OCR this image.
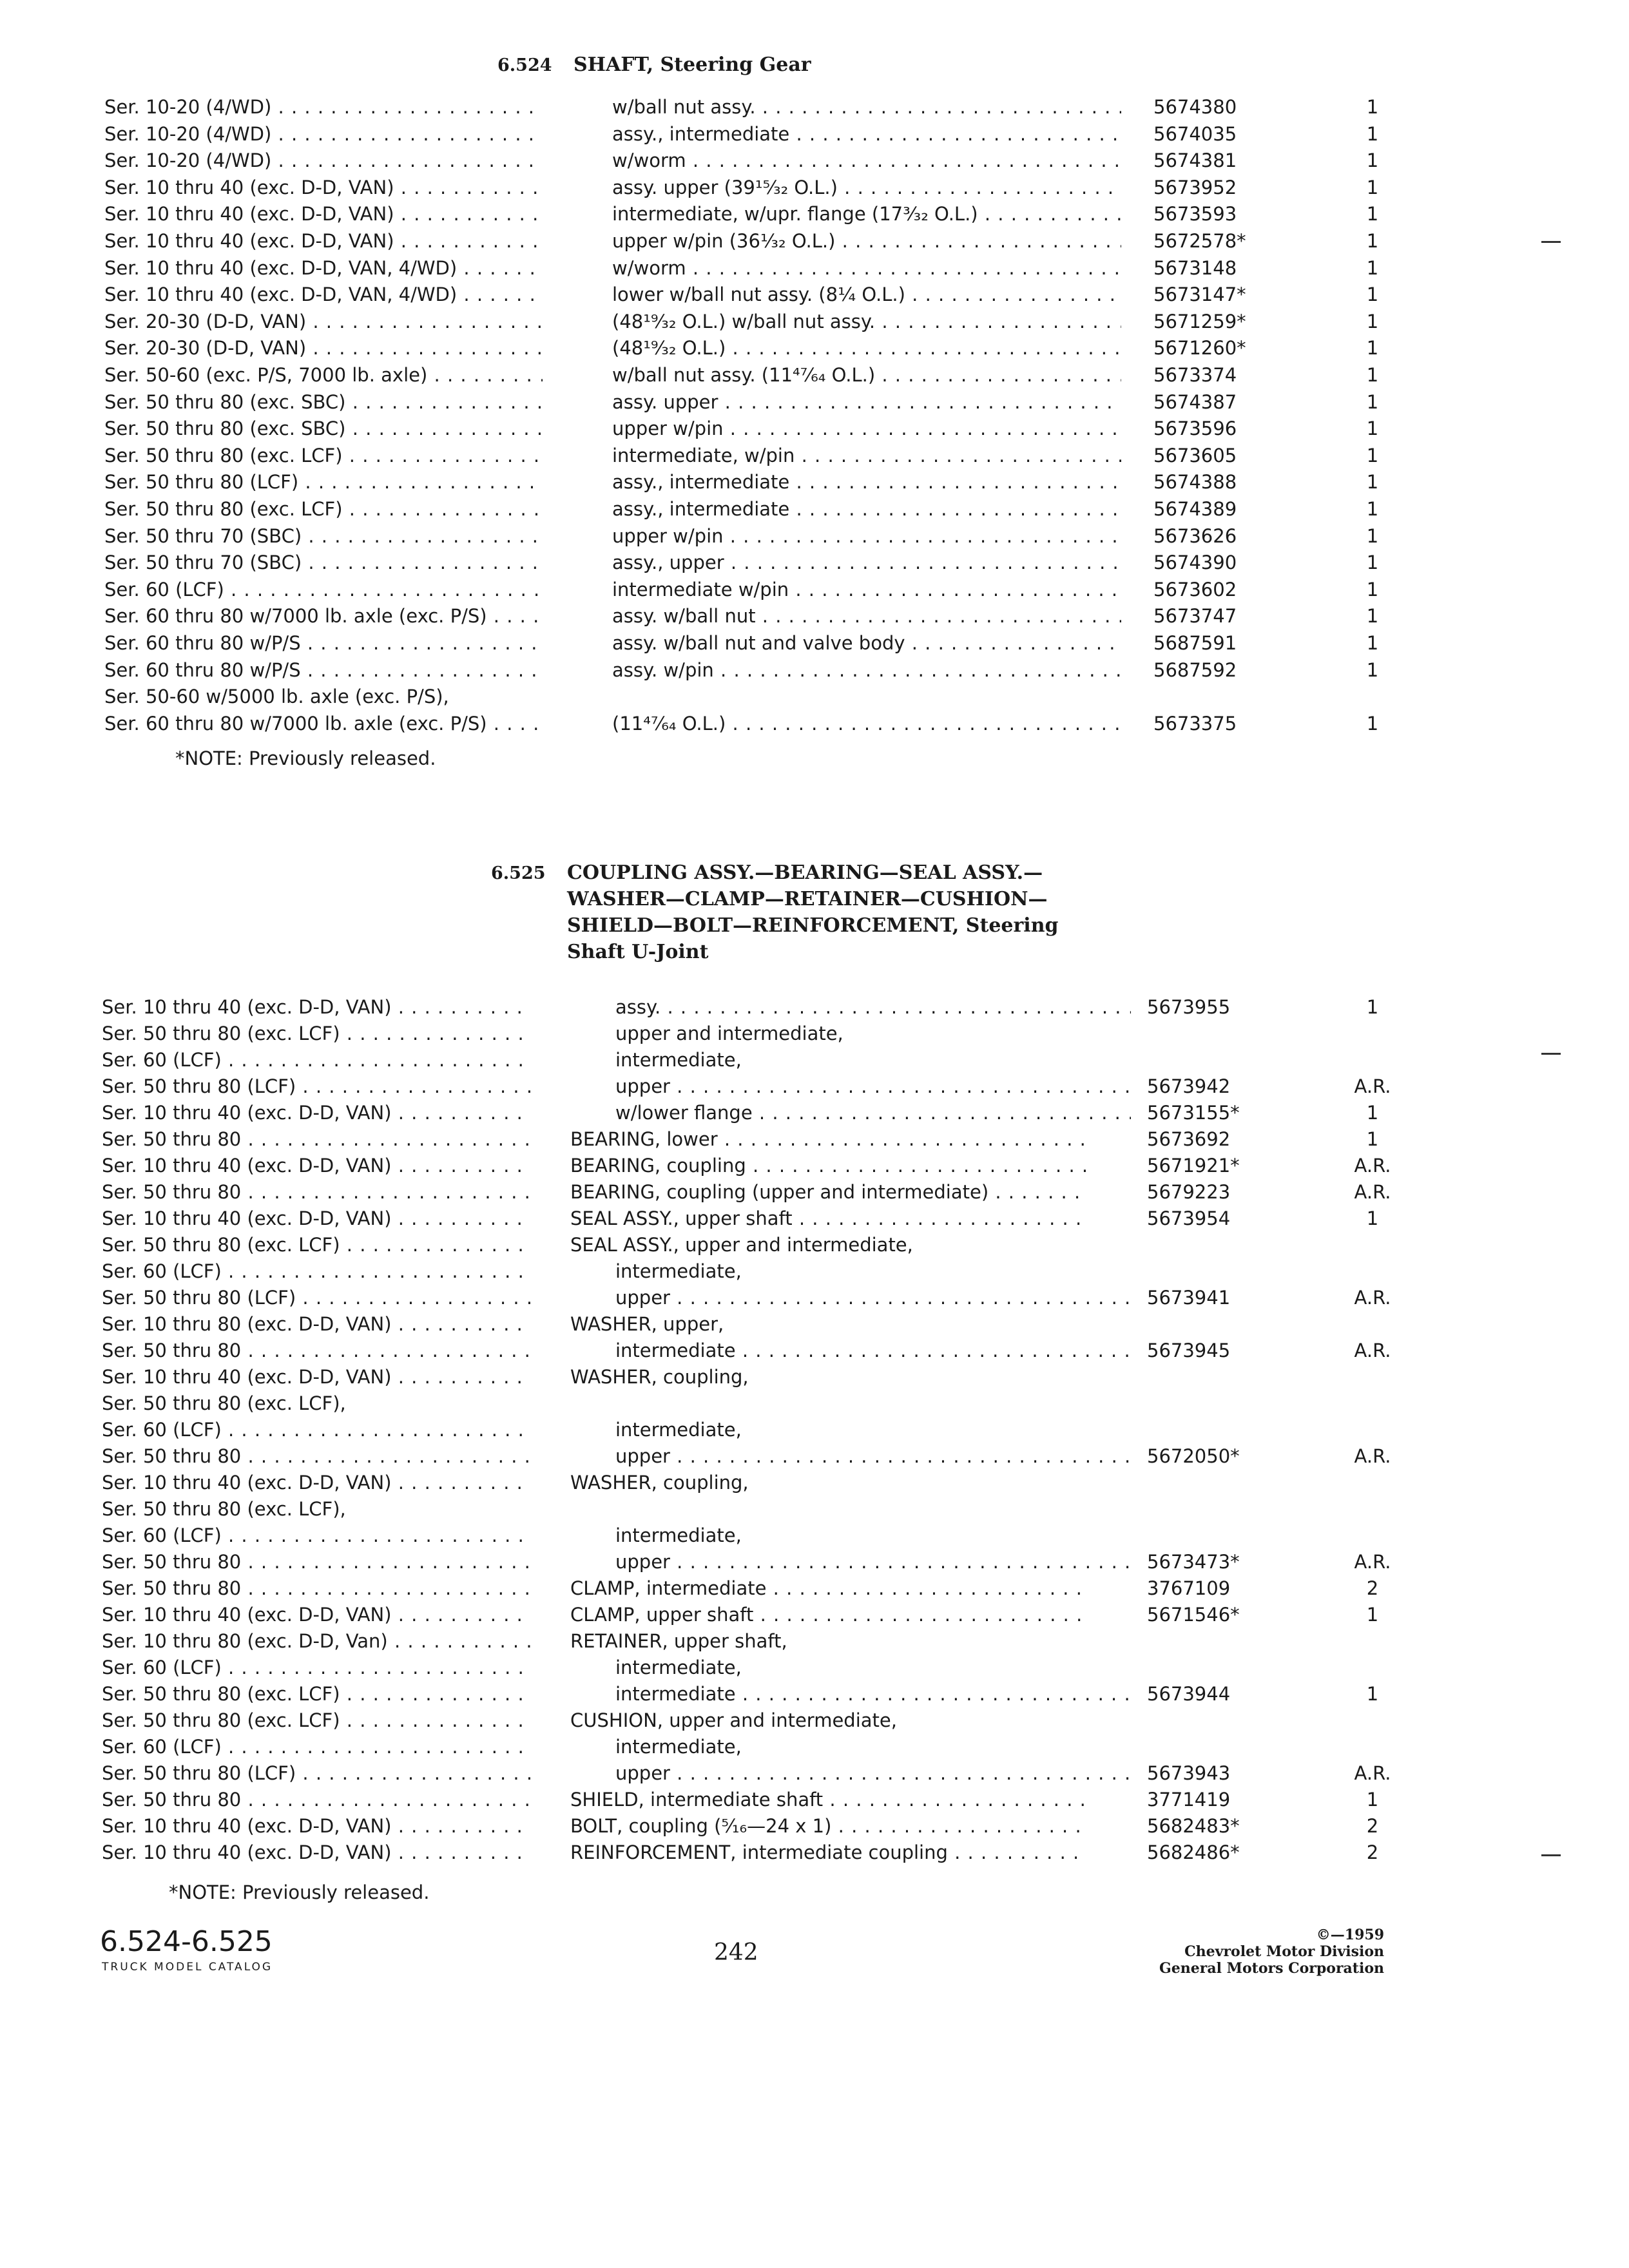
6.524 SHAFT, Steering Gear
Ser. 10-20 (4/WD) . . .	w/ball nut assy. . . .	5674380	1
Ser. 10-20 (4/WD) . . .	assy., intermediate . . .	5674035	1
Ser. 10-20 (4/WD) . . .	w/worm . . .	5674381	1
Ser. 10 thru 40 (exc. D-D, VAN) . . .	assy. upper (39¹⁵⁄₃₂ O.L.) . . .	5673952	1
Ser. 10 thru 40 (exc. D-D, VAN) . . .	intermediate, w/upr. flange (17³⁄₃₂ O.L.) . . .	5673593	1
Ser. 10 thru 40 (exc. D-D, VAN) . . .	upper w/pin (36¹⁄₃₂ O.L.) . . .	5672578*	1
Ser. 10 thru 40 (exc. D-D, VAN, 4/WD) . . .	w/worm . . .	5673148	1
Ser. 10 thru 40 (exc. D-D, VAN, 4/WD) . . .	lower w/ball nut assy. (8¹⁄₄ O.L.) . . .	5673147*	1
Ser. 20-30 (D-D, VAN) . . .	(48¹⁹⁄₃₂ O.L.) w/ball nut assy. . . .	5671259*	1
Ser. 20-30 (D-D, VAN) . . .	(48¹⁹⁄₃₂ O.L.) . . .	5671260*	1
Ser. 50-60 (exc. P/S, 7000 lb. axle) . . .	w/ball nut assy. (11⁴⁷⁄₆₄ O.L.) . . .	5673374	1
Ser. 50 thru 80 (exc. SBC) . . .	assy. upper . . .	5674387	1
Ser. 50 thru 80 (exc. SBC) . . .	upper w/pin . . .	5673596	1
Ser. 50 thru 80 (exc. LCF) . . .	intermediate, w/pin . . .	5673605	1
Ser. 50 thru 80 (LCF) . . .	assy., intermediate . . .	5674388	1
Ser. 50 thru 80 (exc. LCF) . . .	assy., intermediate . . .	5674389	1
Ser. 50 thru 70 (SBC) . . .	upper w/pin . . .	5673626	1
Ser. 50 thru 70 (SBC) . . .	assy., upper . . .	5674390	1
Ser. 60 (LCF) . . .	intermediate w/pin . . .	5673602	1
Ser. 60 thru 80 w/7000 lb. axle (exc. P/S) . . .	assy. w/ball nut . . .	5673747	1
Ser. 60 thru 80 w/P/S . . .	assy. w/ball nut and valve body . . .	5687591	1
Ser. 60 thru 80 w/P/S . . .	assy. w/pin . . .	5687592	1
Ser. 50-60 w/5000 lb. axle (exc. P/S),
Ser. 60 thru 80 w/7000 lb. axle (exc. P/S) . . .	(11⁴⁷⁄₆₄ O.L.) . . .	5673375	1
*NOTE: Previously released.
6.525 COUPLING ASSY.—BEARING—SEAL ASSY.—
WASHER—CLAMP—RETAINER—CUSHION—
SHIELD—BOLT—REINFORCEMENT, Steering
Shaft U-Joint
Ser. 10 thru 40 (exc. D-D, VAN) . . .	assy. . . .	5673955	1
Ser. 50 thru 80 (exc. LCF) . . .	upper and intermediate,
Ser. 60 (LCF) . . .	intermediate,
Ser. 50 thru 80 (LCF) . . .	upper . . .	5673942	A.R.
Ser. 10 thru 40 (exc. D-D, VAN) . . .	w/lower flange . . .	5673155*	1
Ser. 50 thru 80 . . .	BEARING, lower . . .	5673692	1
Ser. 10 thru 40 (exc. D-D, VAN) . . .	BEARING, coupling . . .	5671921*	A.R.
Ser. 50 thru 80 . . .	BEARING, coupling (upper and intermediate) . . .	5679223	A.R.
Ser. 10 thru 40 (exc. D-D, VAN) . . .	SEAL ASSY., upper shaft . . .	5673954	1
Ser. 50 thru 80 (exc. LCF) . . .	SEAL ASSY., upper and intermediate,
Ser. 60 (LCF) . . .	intermediate,
Ser. 50 thru 80 (LCF) . . .	upper . . .	5673941	A.R.
Ser. 10 thru 80 (exc. D-D, VAN) . . .	WASHER, upper,
Ser. 50 thru 80 . . .	intermediate . . .	5673945	A.R.
Ser. 10 thru 40 (exc. D-D, VAN) . . .	WASHER, coupling,
Ser. 50 thru 80 (exc. LCF),
Ser. 60 (LCF) . . .	intermediate,
Ser. 50 thru 80 . . .	upper . . .	5672050*	A.R.
Ser. 10 thru 40 (exc. D-D, VAN) . . .	WASHER, coupling,
Ser. 50 thru 80 (exc. LCF),
Ser. 60 (LCF) . . .	intermediate,
Ser. 50 thru 80 . . .	upper . . .	5673473*	A.R.
Ser. 50 thru 80 . . .	CLAMP, intermediate . . .	3767109	2
Ser. 10 thru 40 (exc. D-D, VAN) . . .	CLAMP, upper shaft . . .	5671546*	1
Ser. 10 thru 80 (exc. D-D, Van) . . .	RETAINER, upper shaft,
Ser. 60 (LCF) . . .	intermediate,
Ser. 50 thru 80 (exc. LCF) . . .	intermediate . . .	5673944	1
Ser. 50 thru 80 (exc. LCF) . . .	CUSHION, upper and intermediate,
Ser. 60 (LCF) . . .	intermediate,
Ser. 50 thru 80 (LCF) . . .	upper . . .	5673943	A.R.
Ser. 50 thru 80 . . .	SHIELD, intermediate shaft . . .	3771419	1
Ser. 10 thru 40 (exc. D-D, VAN) . . .	BOLT, coupling (⁵⁄₁₆—24 x 1) . . .	5682483*	2
Ser. 10 thru 40 (exc. D-D, VAN) . . .	REINFORCEMENT, intermediate coupling . . .	5682486*	2
*NOTE: Previously released.
6.524-6.525
TRUCK MODEL CATALOG
242
©—1959
Chevrolet Motor Division
General Motors Corporation
